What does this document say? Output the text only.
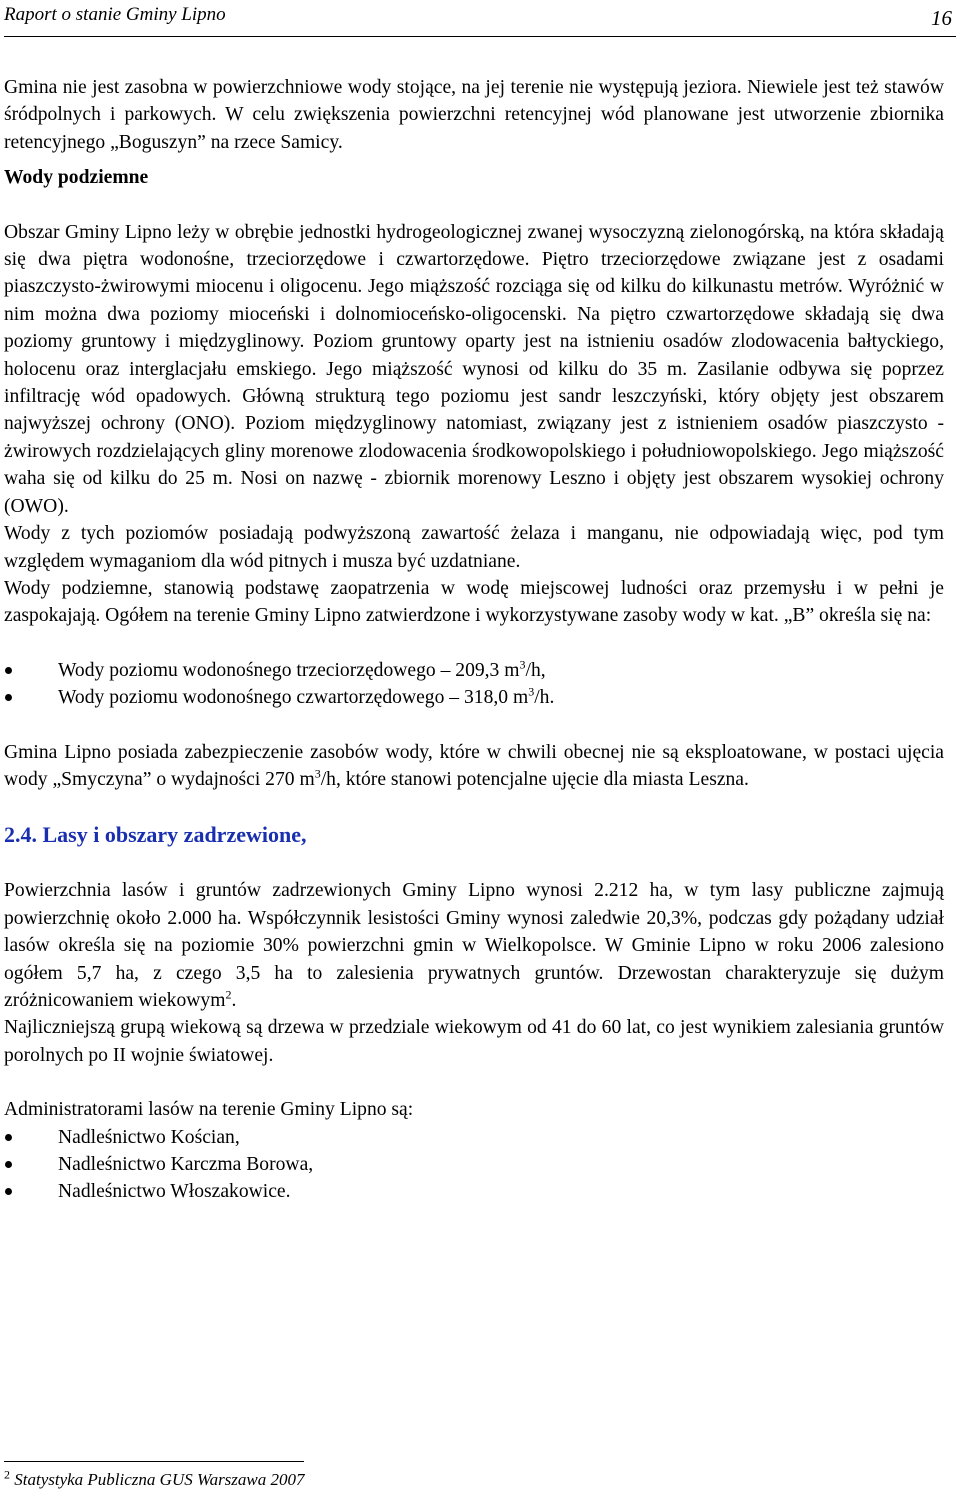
Raport o stanie Gminy Lipno	16

Gmina nie jest zasobna w powierzchniowe wody stojące, na jej terenie nie występują jeziora. Niewiele jest też stawów śródpolnych i parkowych. W celu zwiększenia powierzchni retencyjnej wód planowane jest utworzenie zbiornika retencyjnego „Boguszyn” na rzece Samicy.

Wody podziemne

Obszar Gminy Lipno leży w obrębie jednostki hydrogeologicznej zwanej wysoczyzną zielonogórską, na która składają się dwa piętra wodonośne, trzeciorzędowe i czwartorzędowe. Piętro trzeciorzędowe związane jest z osadami piaszczysto-żwirowymi miocenu i oligocenu. Jego miąższość rozciąga się od kilku do kilkunastu metrów. Wyróżnić w nim można dwa poziomy mioceński i dolnomioceńsko-oligocenski. Na piętro czwartorzędowe składają się dwa poziomy gruntowy i międzyglinowy. Poziom gruntowy oparty jest na istnieniu osadów zlodowacenia bałtyckiego, holocenu oraz interglacjału emskiego. Jego miąższość wynosi od kilku do 35 m. Zasilanie odbywa się poprzez infiltrację wód opadowych. Główną strukturą tego poziomu jest sandr leszczyński, który objęty jest obszarem najwyższej ochrony (ONO). Poziom międzyglinowy natomiast, związany jest z istnieniem osadów piaszczysto - żwirowych rozdzielających gliny morenowe zlodowacenia środkowopolskiego i południowopolskiego. Jego miąższość waha się od kilku do 25 m. Nosi on nazwę - zbiornik morenowy Leszno i objęty jest obszarem wysokiej ochrony (OWO).

Wody z tych poziomów posiadają podwyższoną zawartość żelaza i manganu, nie odpowiadają więc, pod tym względem wymaganiom dla wód pitnych i musza być uzdatniane.

Wody podziemne, stanowią podstawę zaopatrzenia w wodę miejscowej ludności oraz przemysłu i w pełni je zaspokajają. Ogółem na terenie Gminy Lipno zatwierdzone i wykorzystywane zasoby wody w kat. „B” określa się na:

Wody poziomu wodonośnego trzeciorzędowego – 209,3 $m^3/h$,
Wody poziomu wodonośnego czwartorzędowego – 318,0 $m^3/h$.

Gmina Lipno posiada zabezpieczenie zasobów wody, które w chwili obecnej nie są eksploatowane, w postaci ujęcia wody „Smyczyna” o wydajności 270 $m^3/h$, które stanowi potencjalne ujęcie dla miasta Leszna.

2.4. Lasy i obszary zadrzewione,

Powierzchnia lasów i gruntów zadrzewionych Gminy Lipno wynosi 2.212 ha, w tym lasy publiczne zajmują powierzchnię około 2.000 ha. Współczynnik lesistości Gminy wynosi zaledwie 20,3%, podczas gdy pożądany udział lasów określa się na poziomie 30% powierzchni gmin w Wielkopolsce. W Gminie Lipno w roku 2006 zalesiono ogółem 5,7 ha, z czego 3,5 ha to zalesienia prywatnych gruntów. Drzewostan charakteryzuje się dużym zróżnicowaniem wiekowym$^2$.

Najliczniejszą grupą wiekową są drzewa w przedziale wiekowym od 41 do 60 lat, co jest wynikiem zalesiania gruntów porolnych po II wojnie światowej.

Administratorami lasów na terenie Gminy Lipno są:

Nadleśnictwo Kościan,
Nadleśnictwo Karczma Borowa,
Nadleśnictwo Włoszakowice.
$^2$ Statystyka Publiczna GUS Warszawa 2007
